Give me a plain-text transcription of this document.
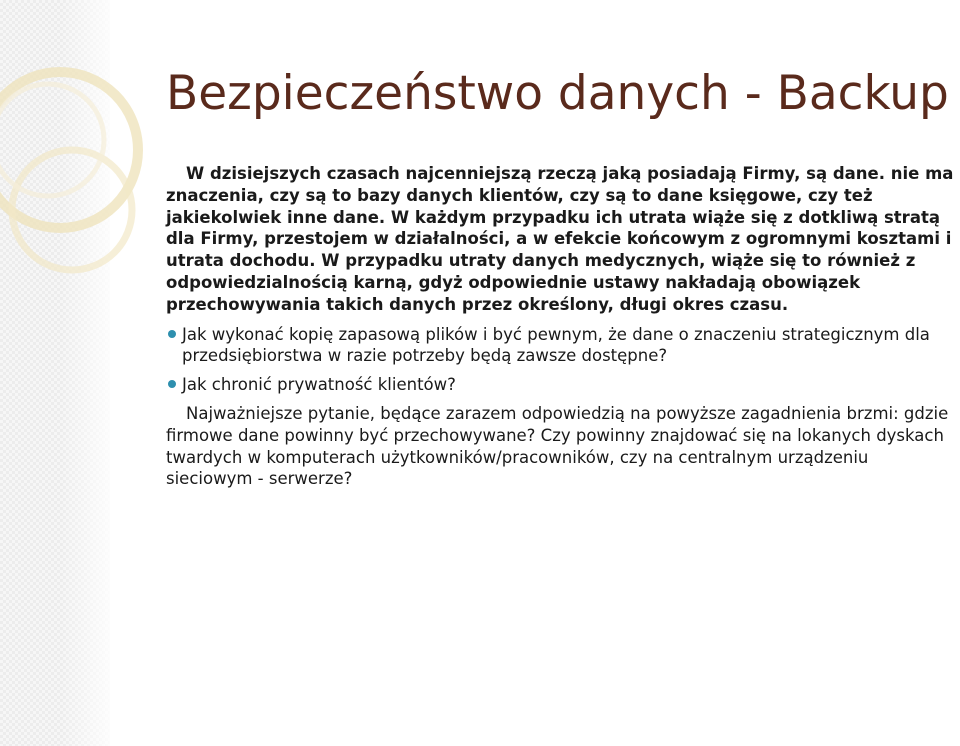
Bezpieczeństwo danych - Backup

W dzisiejszych czasach najcenniejszą rzeczą jaką posiadają Firmy, są dane. nie ma znaczenia, czy są to bazy danych klientów, czy są to dane księgowe, czy też jakiekolwiek inne dane. W każdym przypadku ich utrata wiąże się z dotkliwą stratą dla Firmy, przestojem w działalności, a w efekcie końcowym z ogromnymi kosztami i utrata dochodu. W przypadku utraty danych medycznych, wiąże się to również z odpowiedzialnością karną, gdyż odpowiednie ustawy nakładają obowiązek przechowywania takich danych przez określony, długi okres czasu.

Jak wykonać kopię zapasową plików i być pewnym, że dane o znaczeniu strategicznym dla przedsiębiorstwa w razie potrzeby będą zawsze dostępne?
Jak chronić prywatność klientów?

Najważniejsze pytanie, będące zarazem odpowiedzią na powyższe zagadnienia brzmi: gdzie firmowe dane powinny być przechowywane? Czy powinny znajdować się na lokanych dyskach twardych w komputerach użytkowników/pracowników, czy na centralnym urządzeniu sieciowym - serwerze?
